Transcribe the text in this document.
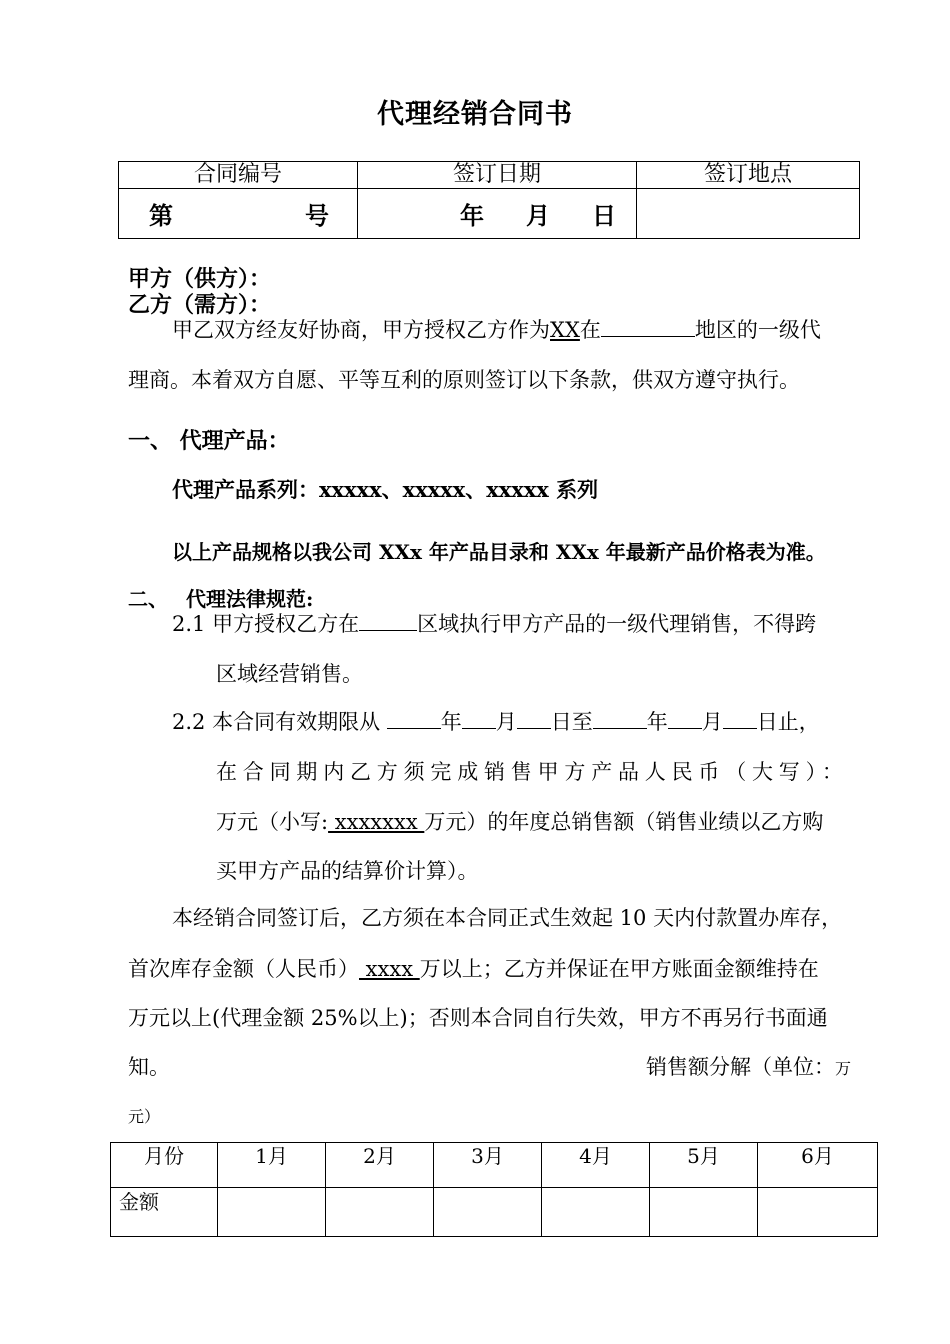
代理经销合同书
合同编号	签订日期	签订地点

第 号	年 月 日	

甲方（供方）：
乙方（需方）：
甲乙双方经友好协商，甲方授权乙方作为XX在	地区的一级代
理商。本着双方自愿、平等互利的原则签订以下条款，供双方遵守执行。
一、 代理产品：
代理产品系列：xxxxx、xxxxx、xxxxx 系列
以上产品规格以我公司 XXx 年产品目录和 XXx 年最新产品价格表为准。
二、 代理法律规范:
2.1 甲方授权乙方在	区域执行甲方产品的一级代理销售，不得跨
区域经营销售。
2.2 本合同有效期限从	年 月 日至	年 月 日止，
在合同期内乙方须完成销售甲方产品人民币（大写）：
万元（小写: xxxxxxx 万元）的年度总销售额（销售业绩以乙方购
买甲方产品的结算价计算）。
本经销合同签订后，乙方须在本合同正式生效起 10 天内付款置办库存，
首次库存金额（人民币） xxxx 万以上；乙方并保证在甲方账面金额维持在
万元以上(代理金额 25%以上)；否则本合同自行失效，甲方不再另行书面通
知。	销售额分解（单位：万
元）
月份	1月	2月	3月	4月	5月	6月
金额						
